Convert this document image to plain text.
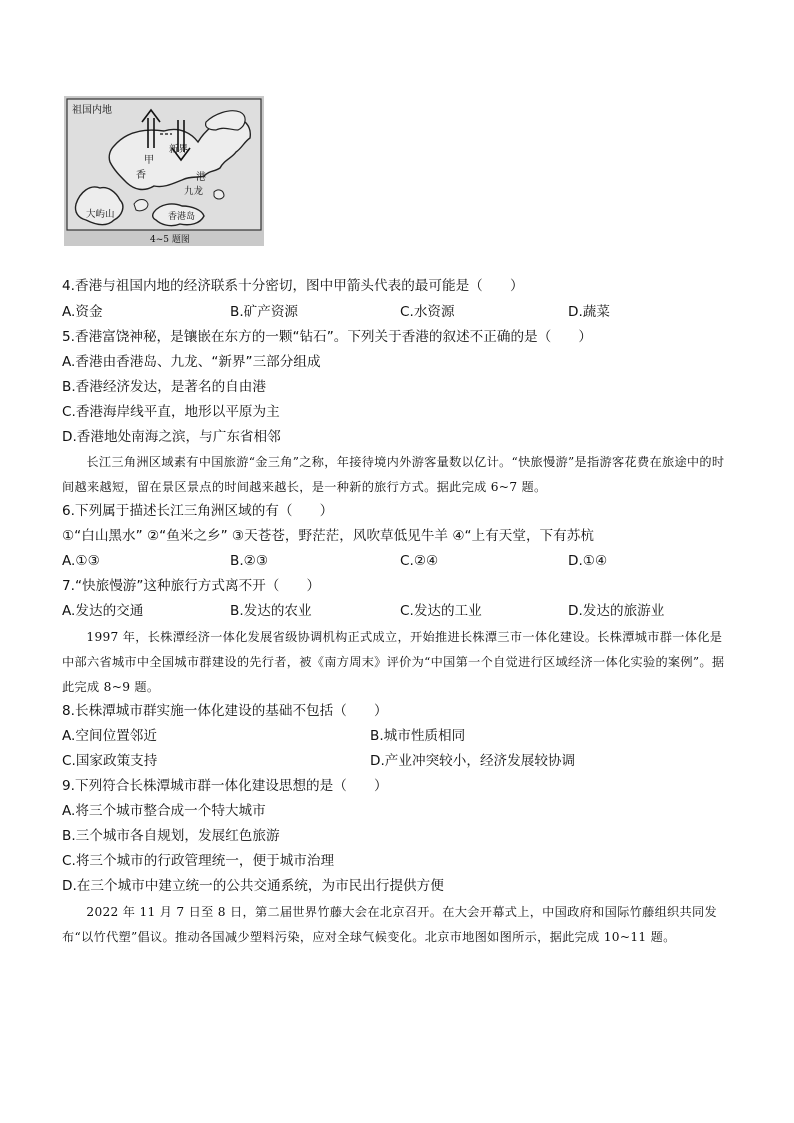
祖国内地
甲
新界
香	港
九龙
大屿山	香港岛
4~5 题图
4.香港与祖国内地的经济联系十分密切，图中甲箭头代表的最可能是（　　）
A.资金	B.矿产资源	C.水资源	D.蔬菜
5.香港富饶神秘，是镶嵌在东方的一颗“钻石”。下列关于香港的叙述不正确的是（　　）
A.香港由香港岛、九龙、“新界”三部分组成
B.香港经济发达，是著名的自由港
C.香港海岸线平直，地形以平原为主
D.香港地处南海之滨，与广东省相邻
长江三角洲区域素有中国旅游“金三角”之称，年接待境内外游客量数以亿计。“快旅慢游”是指游客花费在旅途中的时间越来越短，留在景区景点的时间越来越长，是一种新的旅行方式。据此完成 6~7 题。
6.下列属于描述长江三角洲区域的有（　　）
①“白山黑水” ②“鱼米之乡” ③天苍苍，野茫茫，风吹草低见牛羊 ④“上有天堂，下有苏杭
A.①③	B.②③	C.②④	D.①④
7.“快旅慢游”这种旅行方式离不开（　　）
A.发达的交通	B.发达的农业	C.发达的工业	D.发达的旅游业
1997 年，长株潭经济一体化发展省级协调机构正式成立，开始推进长株潭三市一体化建设。长株潭城市群一体化是中部六省城市中全国城市群建设的先行者，被《南方周末》评价为“中国第一个自觉进行区域经济一体化实验的案例”。据此完成 8~9 题。
8.长株潭城市群实施一体化建设的基础不包括（　　）
A.空间位置邻近	B.城市性质相同
C.国家政策支持	D.产业冲突较小，经济发展较协调
9.下列符合长株潭城市群一体化建设思想的是（　　）
A.将三个城市整合成一个特大城市
B.三个城市各自规划，发展红色旅游
C.将三个城市的行政管理统一，便于城市治理
D.在三个城市中建立统一的公共交通系统，为市民出行提供方便
2022 年 11 月 7 日至 8 日，第二届世界竹藤大会在北京召开。在大会开幕式上，中国政府和国际竹藤组织共同发布“以竹代塑”倡议。推动各国减少塑料污染，应对全球气候变化。北京市地图如图所示，据此完成 10~11 题。
